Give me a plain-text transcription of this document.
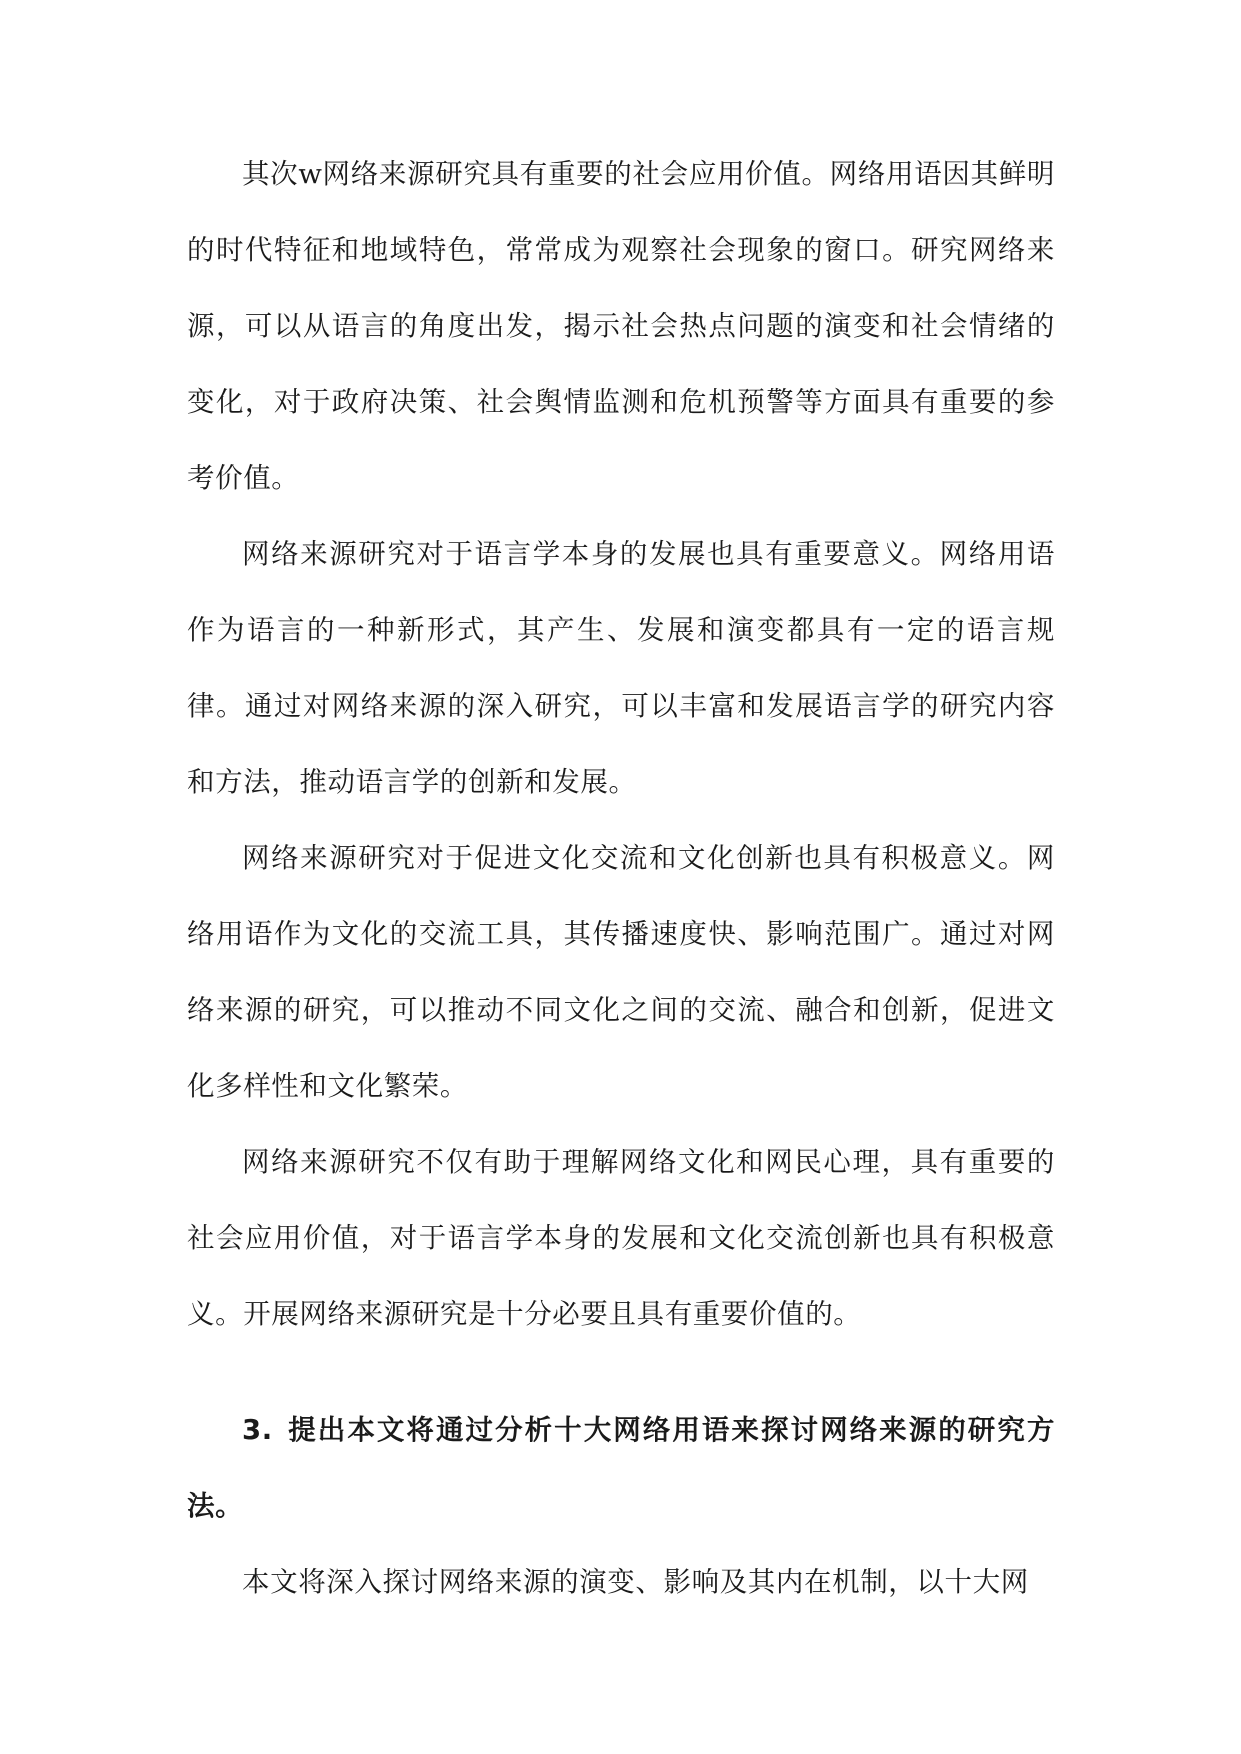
其次w网络来源研究具有重要的社会应用价值。网络用语因其鲜明的时代特征和地域特色，常常成为观察社会现象的窗口。研究网络来源，可以从语言的角度出发，揭示社会热点问题的演变和社会情绪的变化，对于政府决策、社会舆情监测和危机预警等方面具有重要的参考价值。

网络来源研究对于语言学本身的发展也具有重要意义。网络用语作为语言的一种新形式，其产生、发展和演变都具有一定的语言规律。通过对网络来源的深入研究，可以丰富和发展语言学的研究内容和方法，推动语言学的创新和发展。

网络来源研究对于促进文化交流和文化创新也具有积极意义。网络用语作为文化的交流工具，其传播速度快、影响范围广。通过对网络来源的研究，可以推动不同文化之间的交流、融合和创新，促进文化多样性和文化繁荣。

网络来源研究不仅有助于理解网络文化和网民心理，具有重要的社会应用价值，对于语言学本身的发展和文化交流创新也具有积极意义。开展网络来源研究是十分必要且具有重要价值的。

3. 提出本文将通过分析十大网络用语来探讨网络来源的研究方法。

本文将深入探讨网络来源的演变、影响及其内在机制，以十大网
